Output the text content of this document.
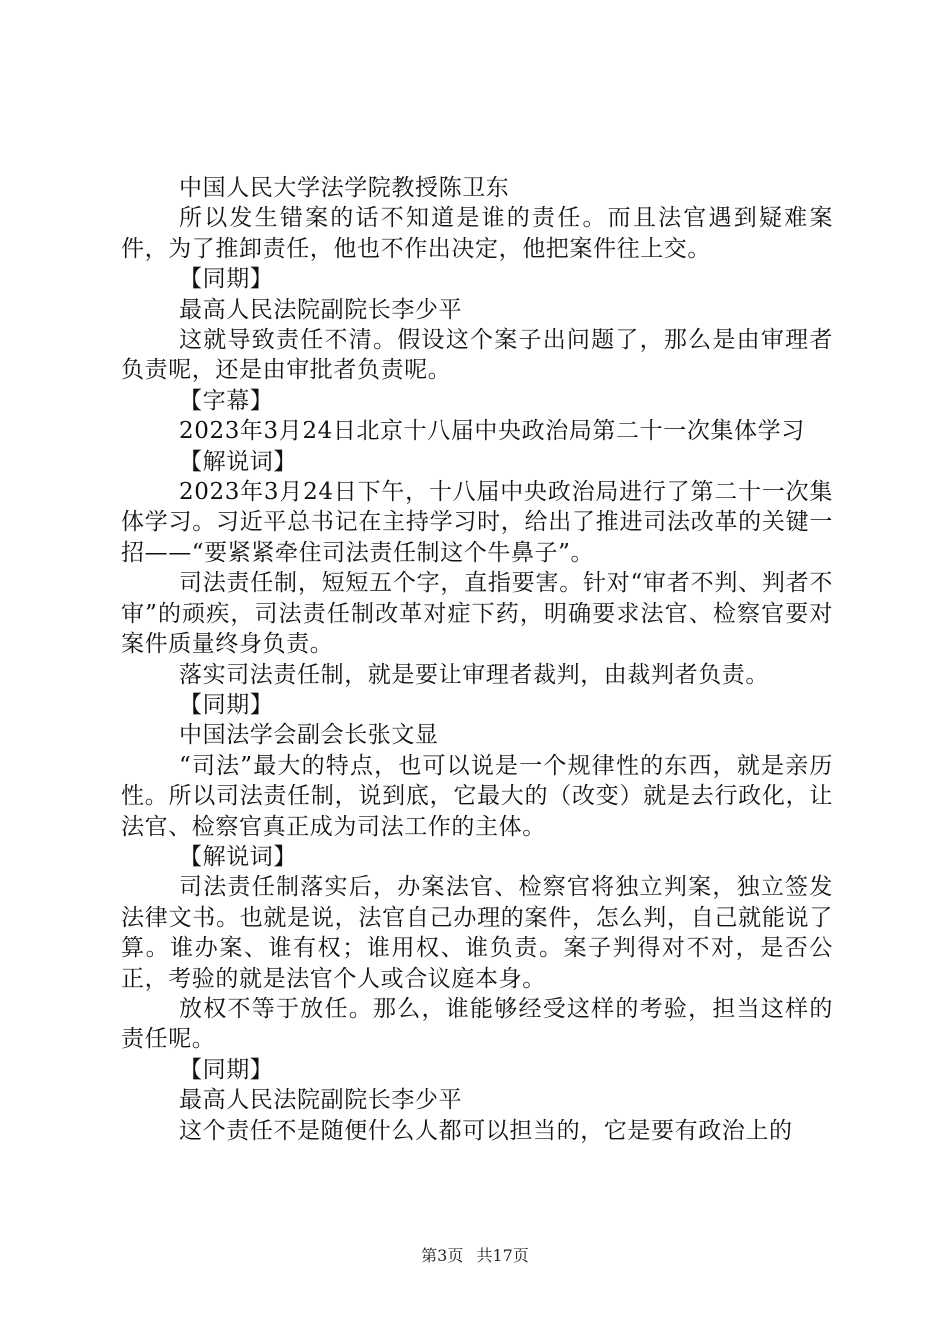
中国人民大学法学院教授陈卫东

所以发生错案的话不知道是谁的责任。而且法官遇到疑难案件，为了推卸责任，他也不作出决定，他把案件往上交。

【同期】

最高人民法院副院长李少平

这就导致责任不清。假设这个案子出问题了，那么是由审理者负责呢，还是由审批者负责呢。

【字幕】

2023年3月24日北京十八届中央政治局第二十一次集体学习

【解说词】

2023年3月24日下午，十八届中央政治局进行了第二十一次集体学习。习近平总书记在主持学习时，给出了推进司法改革的关键一招——“要紧紧牵住司法责任制这个牛鼻子”。

司法责任制，短短五个字，直指要害。针对“审者不判、判者不审”的顽疾，司法责任制改革对症下药，明确要求法官、检察官要对案件质量终身负责。

落实司法责任制，就是要让审理者裁判，由裁判者负责。

【同期】

中国法学会副会长张文显

“司法”最大的特点，也可以说是一个规律性的东西，就是亲历性。所以司法责任制，说到底，它最大的（改变）就是去行政化，让法官、检察官真正成为司法工作的主体。

【解说词】

司法责任制落实后，办案法官、检察官将独立判案，独立签发法律文书。也就是说，法官自己办理的案件，怎么判，自己就能说了算。谁办案、谁有权；谁用权、谁负责。案子判得对不对，是否公正，考验的就是法官个人或合议庭本身。

放权不等于放任。那么，谁能够经受这样的考验，担当这样的责任呢。

【同期】

最高人民法院副院长李少平

这个责任不是随便什么人都可以担当的，它是要有政治上的

第3页 共17页
